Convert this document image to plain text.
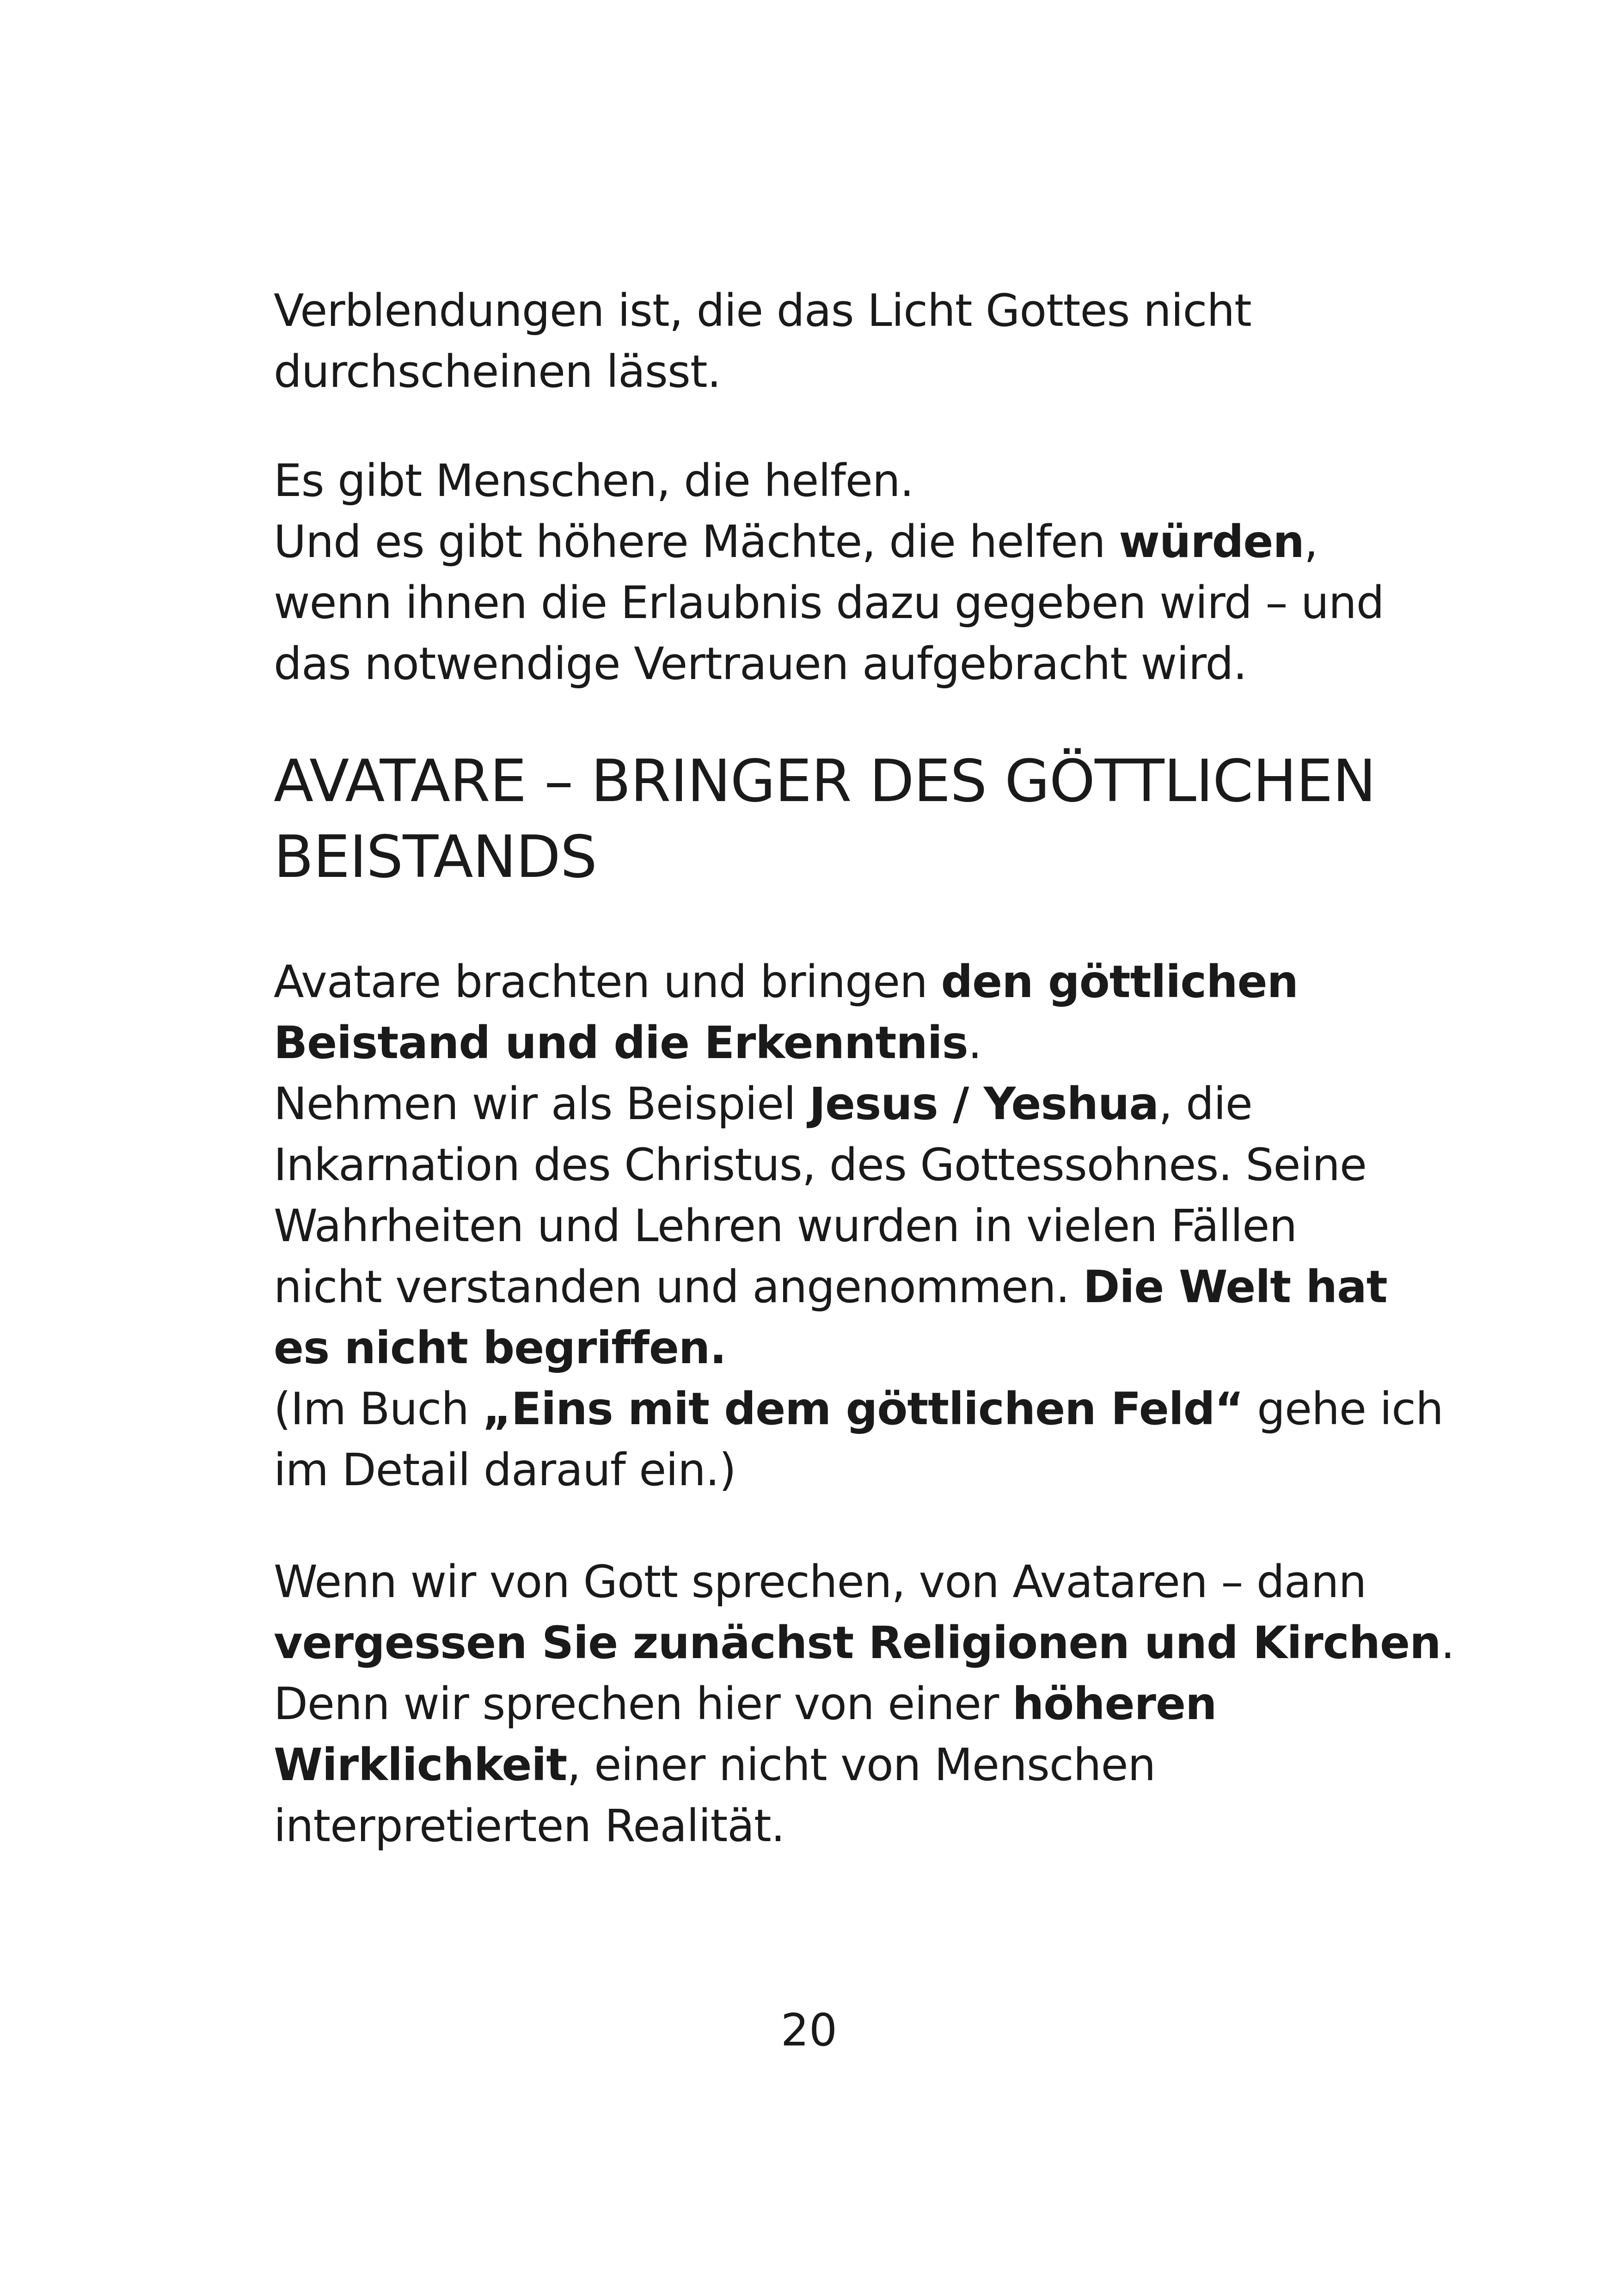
Verblendungen ist, die das Licht Gottes nicht
durchscheinen lässt.

Es gibt Menschen, die helfen.
Und es gibt höhere Mächte, die helfen würden,
wenn ihnen die Erlaubnis dazu gegeben wird – und
das notwendige Vertrauen aufgebracht wird.

AVATARE – BRINGER DES GÖTTLICHEN
BEISTANDS

Avatare brachten und bringen den göttlichen
Beistand und die Erkenntnis.
Nehmen wir als Beispiel Jesus / Yeshua, die
Inkarnation des Christus, des Gottessohnes. Seine
Wahrheiten und Lehren wurden in vielen Fällen
nicht verstanden und angenommen. Die Welt hat
es nicht begriffen.
(Im Buch „Eins mit dem göttlichen Feld“ gehe ich
im Detail darauf ein.)

Wenn wir von Gott sprechen, von Avataren – dann
vergessen Sie zunächst Religionen und Kirchen.
Denn wir sprechen hier von einer höheren
Wirklichkeit, einer nicht von Menschen
interpretierten Realität.

20
